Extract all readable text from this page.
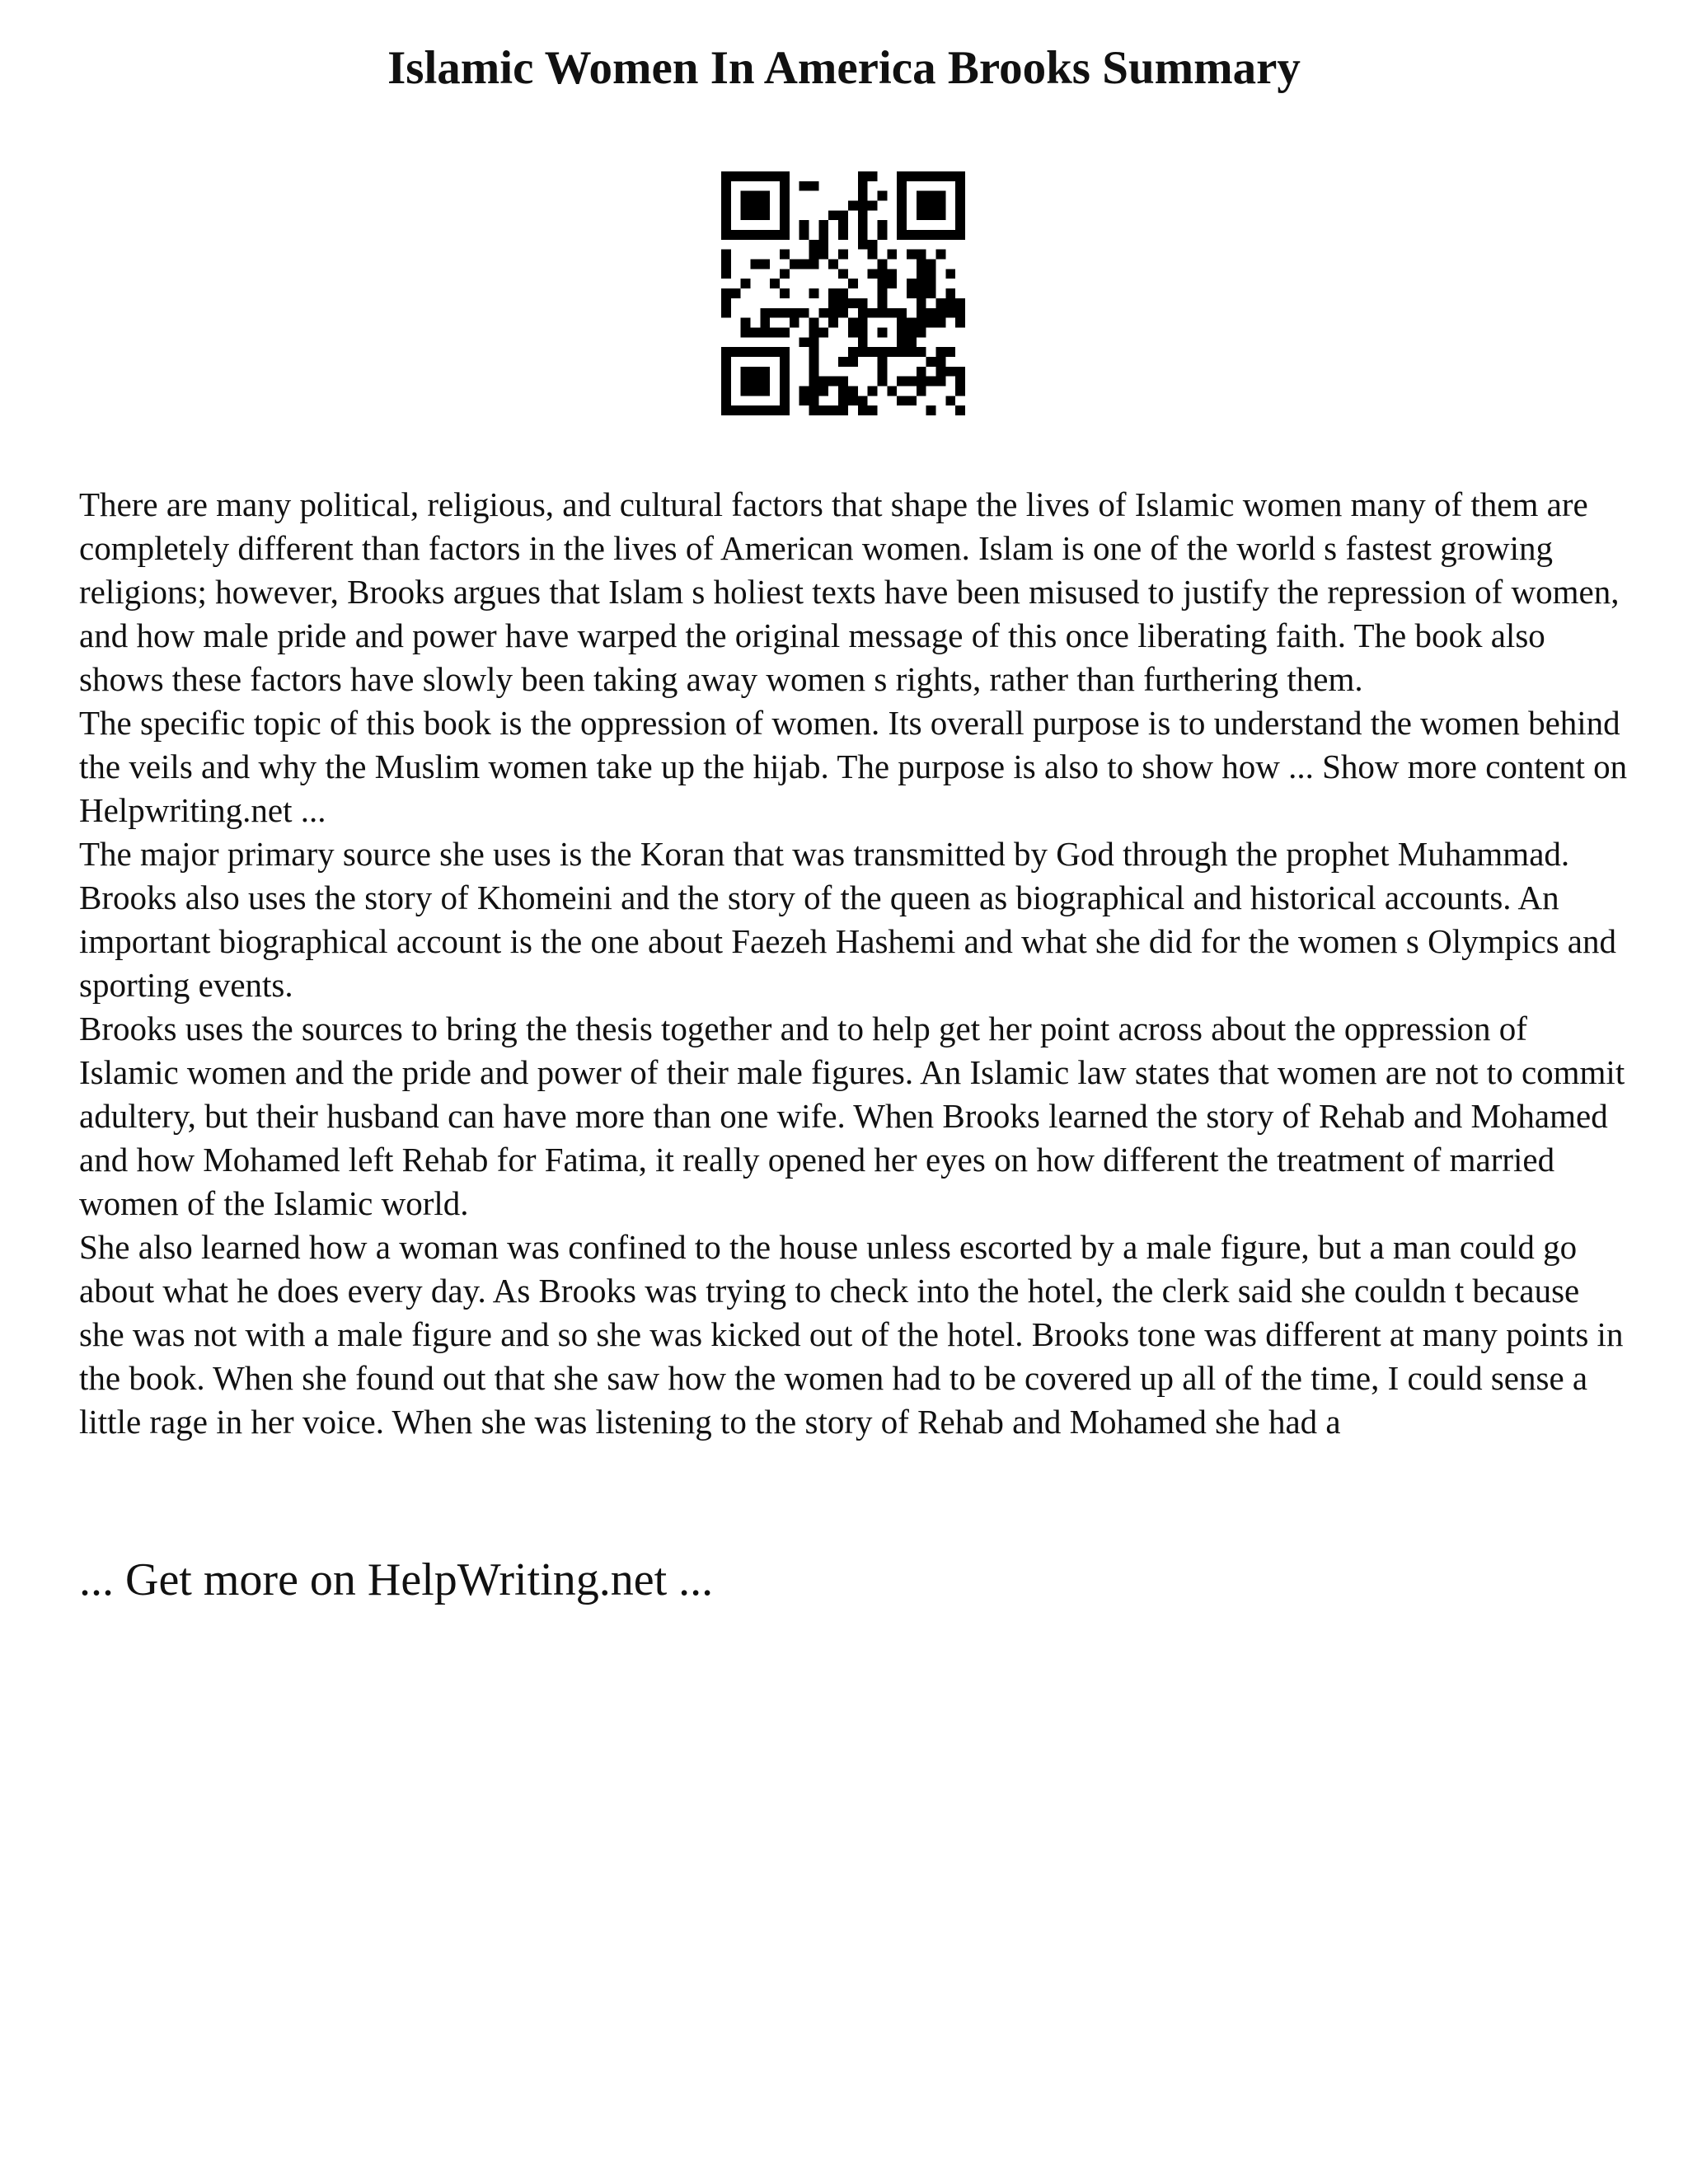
Islamic Women In America Brooks Summary

There are many political, religious, and cultural factors that shape the lives of Islamic women many of them are completely different than factors in the lives of American women. Islam is one of the world s fastest growing religions; however, Brooks argues that Islam s holiest texts have been misused to justify the repression of women, and how male pride and power have warped the original message of this once liberating faith. The book also shows these factors have slowly been taking away women s rights, rather than furthering them.

The specific topic of this book is the oppression of women. Its overall purpose is to understand the women behind the veils and why the Muslim women take up the hijab. The purpose is also to show how ... Show more content on Helpwriting.net ...

The major primary source she uses is the Koran that was transmitted by God through the prophet Muhammad. Brooks also uses the story of Khomeini and the story of the queen as biographical and historical accounts. An important biographical account is the one about Faezeh Hashemi and what she did for the women s Olympics and sporting events.

Brooks uses the sources to bring the thesis together and to help get her point across about the oppression of Islamic women and the pride and power of their male figures. An Islamic law states that women are not to commit adultery, but their husband can have more than one wife. When Brooks learned the story of Rehab and Mohamed and how Mohamed left Rehab for Fatima, it really opened her eyes on how different the treatment of married women of the Islamic world.

She also learned how a woman was confined to the house unless escorted by a male figure, but a man could go about what he does every day. As Brooks was trying to check into the hotel, the clerk said she couldn t because she was not with a male figure and so she was kicked out of the hotel. Brooks tone was different at many points in the book. When she found out that she saw how the women had to be covered up all of the time, I could sense a little rage in her voice. When she was listening to the story of Rehab and Mohamed she had a

... Get more on HelpWriting.net ...
